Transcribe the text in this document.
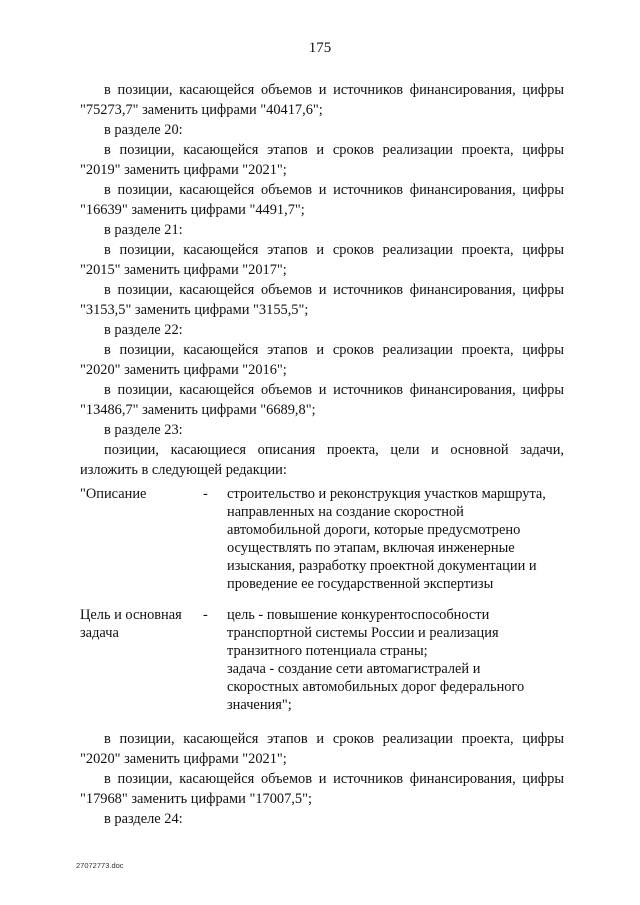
175

в позиции, касающейся объемов и источников финансирования, цифры "75273,7" заменить цифрами "40417,6";

в разделе 20:

в позиции, касающейся этапов и сроков реализации проекта, цифры "2019" заменить цифрами "2021";

в позиции, касающейся объемов и источников финансирования, цифры "16639" заменить цифрами "4491,7";

в разделе 21:

в позиции, касающейся этапов и сроков реализации проекта, цифры "2015" заменить цифрами "2017";

в позиции, касающейся объемов и источников финансирования, цифры "3153,5" заменить цифрами "3155,5";

в разделе 22:

в позиции, касающейся этапов и сроков реализации проекта, цифры "2020" заменить цифрами "2016";

в позиции, касающейся объемов и источников финансирования, цифры "13486,7" заменить цифрами "6689,8";

в разделе 23:

позиции, касающиеся описания проекта, цели и основной задачи, изложить в следующей редакции:

"Описание	- строительство и реконструкция участков маршрута,
направленных на создание скоростной
автомобильной дороги, которые предусмотрено
осуществлять по этапам, включая инженерные
изыскания, разработку проектной документации и
проведение ее государственной экспертизы
Цель и основная задача
- цель - повышение конкурентоспособности
транспортной системы России и реализация
транзитного потенциала страны;
задача - создание сети автомагистралей и
скоростных автомобильных дорог федерального
значения";

в позиции, касающейся этапов и сроков реализации проекта, цифры "2020" заменить цифрами "2021";

в позиции, касающейся объемов и источников финансирования, цифры "17968" заменить цифрами "17007,5";

в разделе 24:

27072773.doc
